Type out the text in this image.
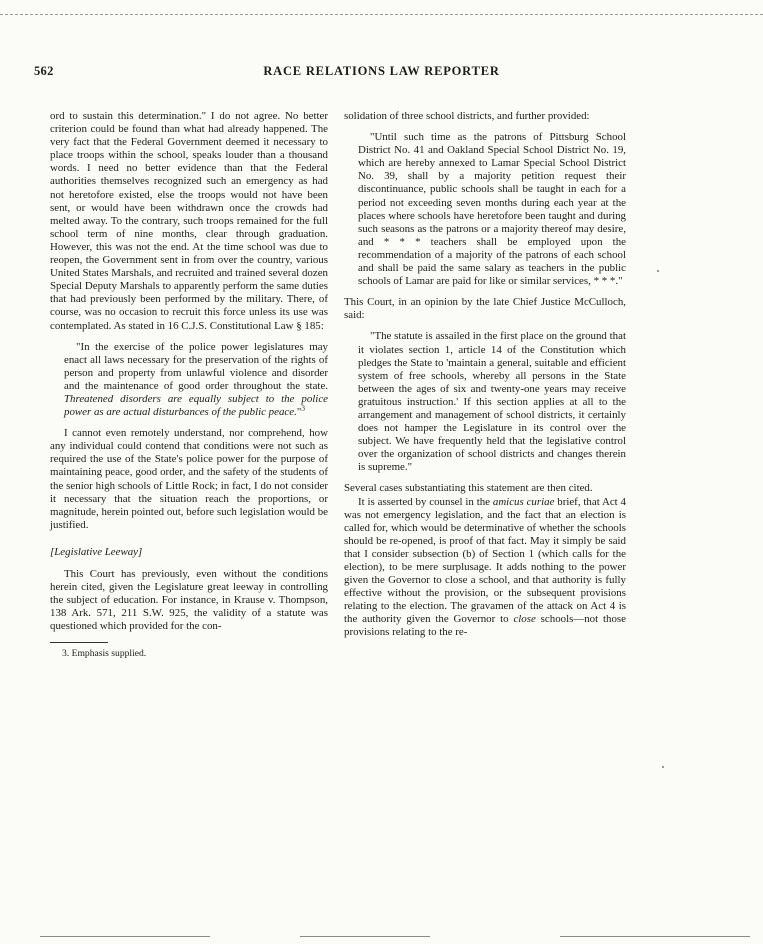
562	RACE RELATIONS LAW REPORTER

ord to sustain this determination." I do not agree. No better criterion could be found than what had already happened. The very fact that the Federal Government deemed it necessary to place troops within the school, speaks louder than a thousand words. I need no better evidence than that the Federal authorities themselves recognized such an emergency as had not heretofore existed, else the troops would not have been sent, or would have been withdrawn once the crowds had melted away. To the contrary, such troops remained for the full school term of nine months, clear through graduation. However, this was not the end. At the time school was due to reopen, the Government sent in from over the country, various United States Marshals, and recruited and trained several dozen Special Deputy Marshals to apparently perform the same duties that had previously been performed by the military. There, of course, was no occasion to recruit this force unless its use was contemplated. As stated in 16 C.J.S. Constitutional Law § 185:

"In the exercise of the police power legislatures may enact all laws necessary for the preservation of the rights of person and property from unlawful violence and disorder and the maintenance of good order throughout the state. Threatened disorders are equally subject to the police power as are actual disturbances of the public peace."$^3$

I cannot even remotely understand, nor comprehend, how any individual could contend that conditions were not such as required the use of the State's police power for the purpose of maintaining peace, good order, and the safety of the students of the senior high schools of Little Rock; in fact, I do not consider it necessary that the situation reach the proportions, or magnitude, herein pointed out, before such legislation would be justified.

[Legislative Leeway]

This Court has previously, even without the conditions herein cited, given the Legislature great leeway in controlling the subject of education. For instance, in Krause v. Thompson, 138 Ark. 571, 211 S.W. 925, the validity of a statute was questioned which provided for the con-

3. Emphasis supplied.

solidation of three school districts, and further provided:

"Until such time as the patrons of Pittsburg School District No. 41 and Oakland Special School District No. 19, which are hereby annexed to Lamar Special School District No. 39, shall by a majority petition request their discontinuance, public schools shall be taught in each for a period not exceeding seven months during each year at the places where schools have heretofore been taught and during such seasons as the patrons or a majority thereof may desire, and * * * teachers shall be employed upon the recommendation of a majority of the patrons of each school and shall be paid the same salary as teachers in the public schools of Lamar are paid for like or similar services, * * *."

This Court, in an opinion by the late Chief Justice McCulloch, said:

"The statute is assailed in the first place on the ground that it violates section 1, article 14 of the Constitution which pledges the State to 'maintain a general, suitable and efficient system of free schools, whereby all persons in the State between the ages of six and twenty-one years may receive gratuitous instruction.' If this section applies at all to the arrangement and management of school districts, it certainly does not hamper the Legislature in its control over the subject. We have frequently held that the legislative control over the organization of school districts and changes therein is supreme."

Several cases substantiating this statement are then cited.

It is asserted by counsel in the amicus curiae brief, that Act 4 was not emergency legislation, and the fact that an election is called for, which would be determinative of whether the schools should be re-opened, is proof of that fact. May it simply be said that I consider subsection (b) of Section 1 (which calls for the election), to be mere surplusage. It adds nothing to the power given the Governor to close a school, and that authority is fully effective without the provision, or the subsequent provisions relating to the election. The gravamen of the attack on Act 4 is the authority given the Governor to close schools—not those provisions relating to the re-
